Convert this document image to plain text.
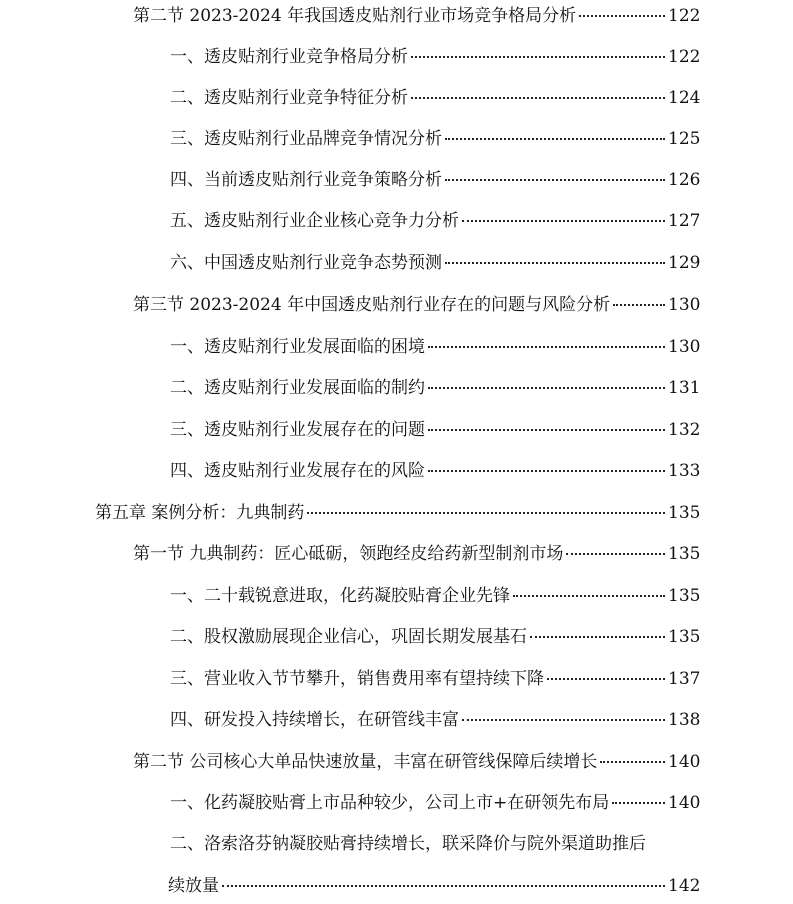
第二节 2023-2024 年我国透皮贴剂行业市场竞争格局分析	122
一、透皮贴剂行业竞争格局分析	122
二、透皮贴剂行业竞争特征分析	124
三、透皮贴剂行业品牌竞争情况分析	125
四、当前透皮贴剂行业竞争策略分析	126
五、透皮贴剂行业企业核心竞争力分析	127
六、中国透皮贴剂行业竞争态势预测	129
第三节 2023-2024 年中国透皮贴剂行业存在的问题与风险分析	130
一、透皮贴剂行业发展面临的困境	130
二、透皮贴剂行业发展面临的制约	131
三、透皮贴剂行业发展存在的问题	132
四、透皮贴剂行业发展存在的风险	133
第五章 案例分析：九典制药	135
第一节 九典制药：匠心砥砺，领跑经皮给药新型制剂市场	135
一、二十载锐意进取，化药凝胶贴膏企业先锋	135
二、股权激励展现企业信心，巩固长期发展基石	135
三、营业收入节节攀升，销售费用率有望持续下降	137
四、研发投入持续增长，在研管线丰富	138
第二节 公司核心大单品快速放量，丰富在研管线保障后续增长	140
一、化药凝胶贴膏上市品种较少，公司上市+在研领先布局	140
二、洛索洛芬钠凝胶贴膏持续增长，联采降价与院外渠道助推后
续放量	142
